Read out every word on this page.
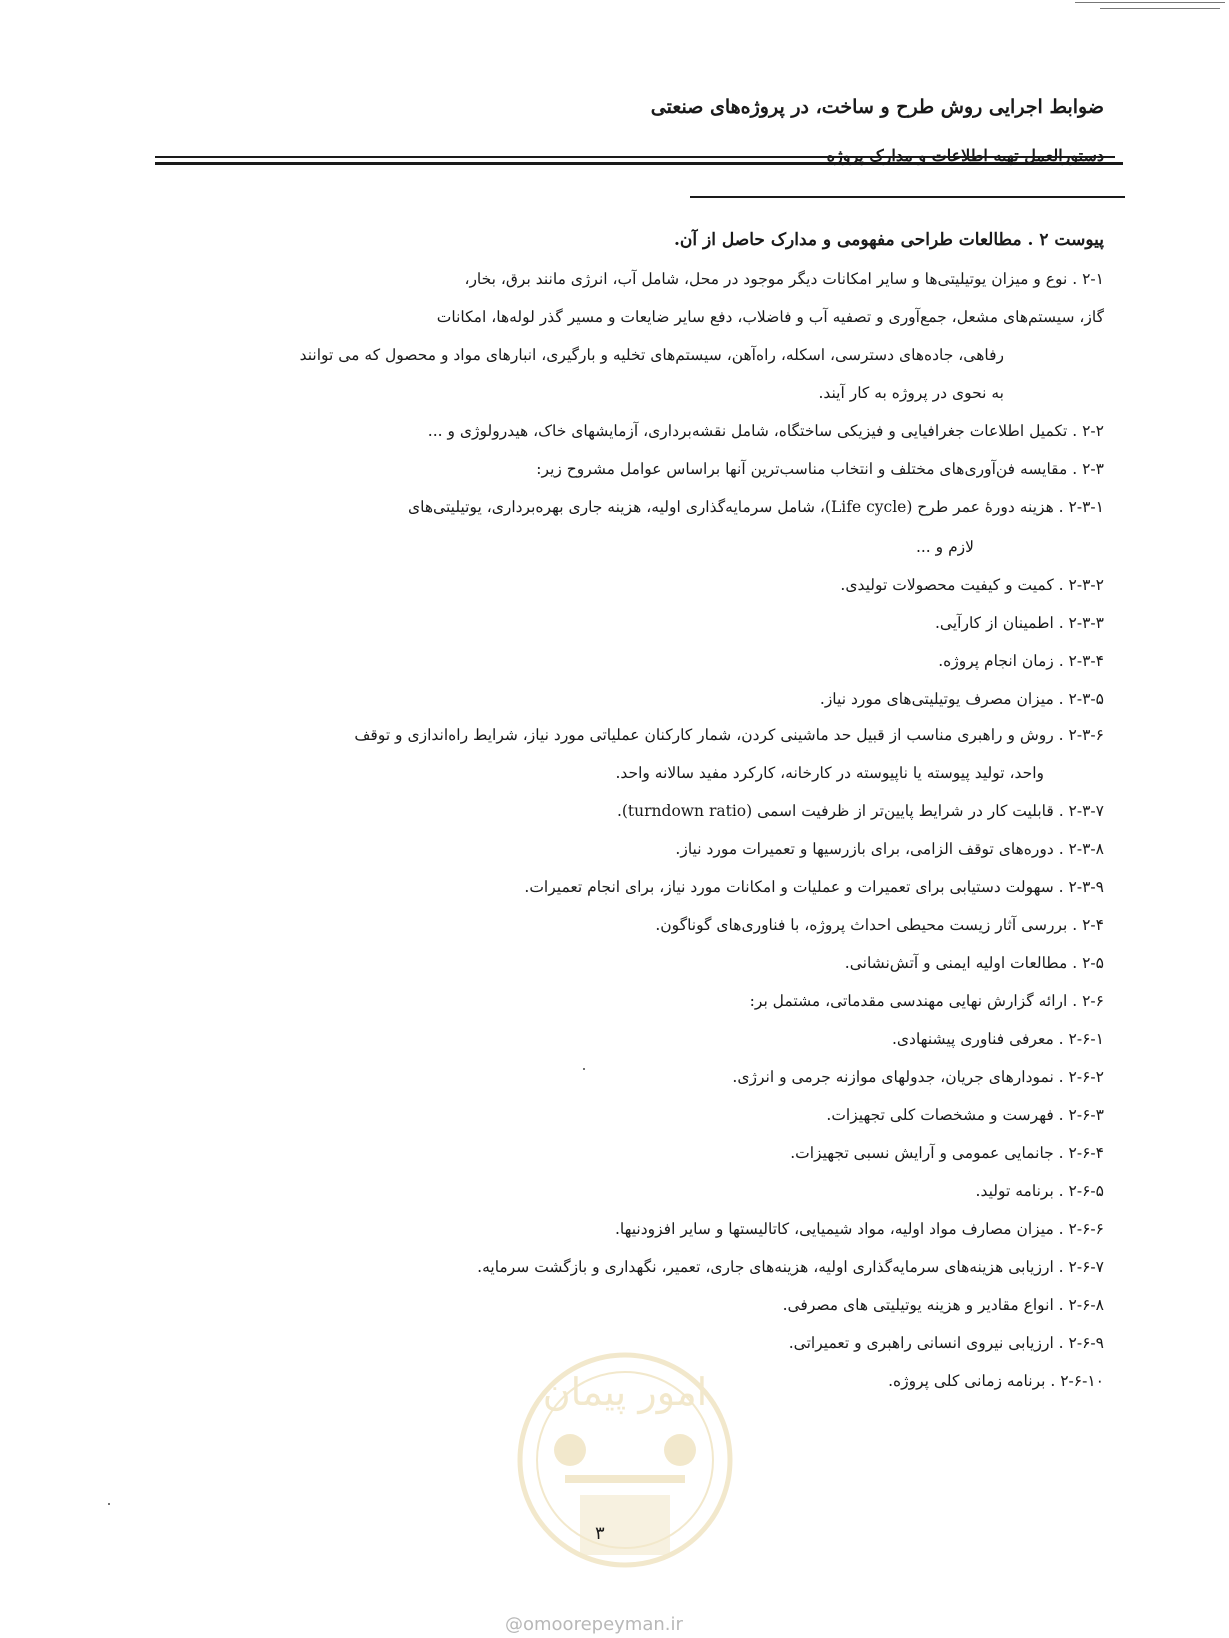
ضوابط اجرایی روش طرح و ساخت، در پروژه‌های صنعتی
پیوست ۲ . مطالعات طراحی مفهومی و مدارک حاصل از آن.
۲-۱ . نوع و میزان یوتیلیتی‌ها و سایر امکانات دیگر موجود در محل، شامل آب، انرژی مانند برق، بخار،
گاز، سیستم‌های مشعل، جمع‌آوری و تصفیه آب و فاضلاب، دفع سایر ضایعات و مسیر گذر لوله‌ها، امکانات
رفاهی، جاده‌های دسترسی، اسکله، راه‌آهن، سیستم‌های تخلیه و بارگیری، انبارهای مواد و محصول که می توانند
به نحوی در پروژه به کار آیند.
۲-۲ . تکمیل اطلاعات جغرافیایی و فیزیکی ساختگاه، شامل نقشه‌برداری، آزمایشهای خاک، هیدرولوژی و ...
۲-۳ . مقایسه فن‌آوری‌های مختلف و انتخاب مناسب‌ترین آنها براساس عوامل مشروح زیر:
۲-۳-۱ . هزینه دورهٔ عمر طرح (Life cycle)، شامل سرمایه‌گذاری اولیه، هزینه جاری بهره‌برداری، یوتیلیتی‌های
لازم و ...
۲-۳-۲ . کمیت و کیفیت محصولات تولیدی.
۲-۳-۳ . اطمینان از کارآیی.
۲-۳-۴ . زمان انجام پروژه.
۲-۳-۵ . میزان مصرف یوتیلیتی‌های مورد نیاز.
۲-۳-۶ . روش و راهبری مناسب از قبیل حد ماشینی کردن، شمار کارکنان عملیاتی مورد نیاز، شرایط راه‌اندازی و توقف
واحد، تولید پیوسته یا ناپیوسته در کارخانه، کارکرد مفید سالانه واحد.
۲-۳-۷ . قابلیت کار در شرایط پایین‌تر از ظرفیت اسمی (turndown ratio).
۲-۳-۸ . دوره‌های توقف الزامی، برای بازرسیها و تعمیرات مورد نیاز.
۲-۳-۹ . سهولت دستیابی برای تعمیرات و عملیات و امکانات مورد نیاز، برای انجام تعمیرات.
۲-۴ . بررسی آثار زیست محیطی احداث پروژه، با فناوری‌های گوناگون.
۲-۵ . مطالعات اولیه ایمنی و آتش‌نشانی.
۲-۶ . ارائه گزارش نهایی مهندسی مقدماتی، مشتمل بر:
۲-۶-۱ . معرفی فناوری پیشنهادی.
۲-۶-۲ . نمودارهای جریان، جدولهای موازنه جرمی و انرژی.
۲-۶-۳ . فهرست و مشخصات کلی تجهیزات.
۲-۶-۴ . جانمایی عمومی و آرایش نسبی تجهیزات.
۲-۶-۵ . برنامه تولید.
۲-۶-۶ . میزان مصارف مواد اولیه، مواد شیمیایی، کاتالیستها و سایر افزودنیها.
۲-۶-۷ . ارزیابی هزینه‌های سرمایه‌گذاری اولیه، هزینه‌های جاری، تعمیر، نگهداری و بازگشت سرمایه.
۲-۶-۸ . انواع مقادیر و هزینه یوتیلیتی های مصرفی.
۲-۶-۹ . ارزیابی نیروی انسانی راهبری و تعمیراتی.
۲-۶-۱۰ . برنامه زمانی کلی پروژه.
امور پیمان
۳
@omoorepeyman.ir
